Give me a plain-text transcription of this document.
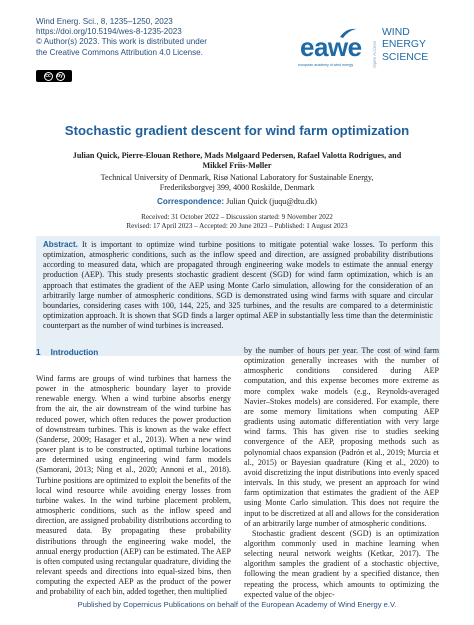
Wind Energ. Sci., 8, 1235–1250, 2023
https://doi.org/10.5194/wes-8-1235-2023
© Author(s) 2023. This work is distributed under
the Creative Commons Attribution 4.0 License.
cc	by
eawe
european academy of wind energy	Open Access
WIND
ENERGY
SCIENCE
Stochastic gradient descent for wind farm optimization
Julian Quick, Pierre-Elouan Rethore, Mads Mølgaard Pedersen, Rafael Valotta Rodrigues, and
Mikkel Friis-Møller
Technical University of Denmark, Risø National Laboratory for Sustainable Energy,
Frederiksborgvej 399, 4000 Roskilde, Denmark
Correspondence: Julian Quick (juqu@dtu.dk)
Received: 31 October 2022 – Discussion started: 9 November 2022
Revised: 17 April 2023 – Accepted: 20 June 2023 – Published: 1 August 2023
Abstract. It is important to optimize wind turbine positions to mitigate potential wake losses. To perform this optimization, atmospheric conditions, such as the inflow speed and direction, are assigned probability distributions according to measured data, which are propagated through engineering wake models to estimate the annual energy production (AEP). This study presents stochastic gradient descent (SGD) for wind farm optimization, which is an approach that estimates the gradient of the AEP using Monte Carlo simulation, allowing for the consideration of an arbitrarily large number of atmospheric conditions. SGD is demonstrated using wind farms with square and circular boundaries, considering cases with 100, 144, 225, and 325 turbines, and the results are compared to a deterministic optimization approach. It is shown that SGD finds a larger optimal AEP in substantially less time than the deterministic counterpart as the number of wind turbines is increased.
1 Introduction

Wind farms are groups of wind turbines that harness the power in the atmospheric boundary layer to provide renewable energy. When a wind turbine absorbs energy from the air, the air downstream of the wind turbine has reduced power, which often reduces the power production of downstream turbines. This is known as the wake effect (Sanderse, 2009; Hasager et al., 2013). When a new wind power plant is to be constructed, optimal turbine locations are determined using engineering wind farm models (Samorani, 2013; Ning et al., 2020; Annoni et al., 2018). Turbine positions are optimized to exploit the benefits of the local wind resource while avoiding energy losses from turbine wakes. In the wind turbine placement problem, atmospheric conditions, such as the inflow speed and direction, are assigned probability distributions according to measured data. By propagating these probability distributions through the engineering wake model, the annual energy production (AEP) can be estimated. The AEP is often computed using rectangular quadrature, dividing the relevant speeds and directions into equal-sized bins, then computing the expected AEP as the product of the power and probability of each bin, added together, then multiplied

by the number of hours per year. The cost of wind farm optimization generally increases with the number of atmospheric conditions considered during AEP computation, and this expense becomes more extreme as more complex wake models (e.g., Reynolds-averaged Navier–Stokes models) are considered. For example, there are some memory limitations when computing AEP gradients using automatic differentiation with very large wind farms. This has given rise to studies seeking convergence of the AEP, proposing methods such as polynomial chaos expansion (Padrón et al., 2019; Murcia et al., 2015) or Bayesian quadrature (King et al., 2020) to avoid discretizing the input distributions into evenly spaced intervals. In this study, we present an approach for wind farm optimization that estimates the gradient of the AEP using Monte Carlo simulation. This does not require the input to be discretized at all and allows for the consideration of an arbitrarily large number of atmospheric conditions.

Stochastic gradient descent (SGD) is an optimization algorithm commonly used in machine learning when selecting neural network weights (Ketkar, 2017). The algorithm samples the gradient of a stochastic objective, following the mean gradient by a specified distance, then repeating the process, which amounts to optimizing the expected value of the objec-

Published by Copernicus Publications on behalf of the European Academy of Wind Energy e.V.
